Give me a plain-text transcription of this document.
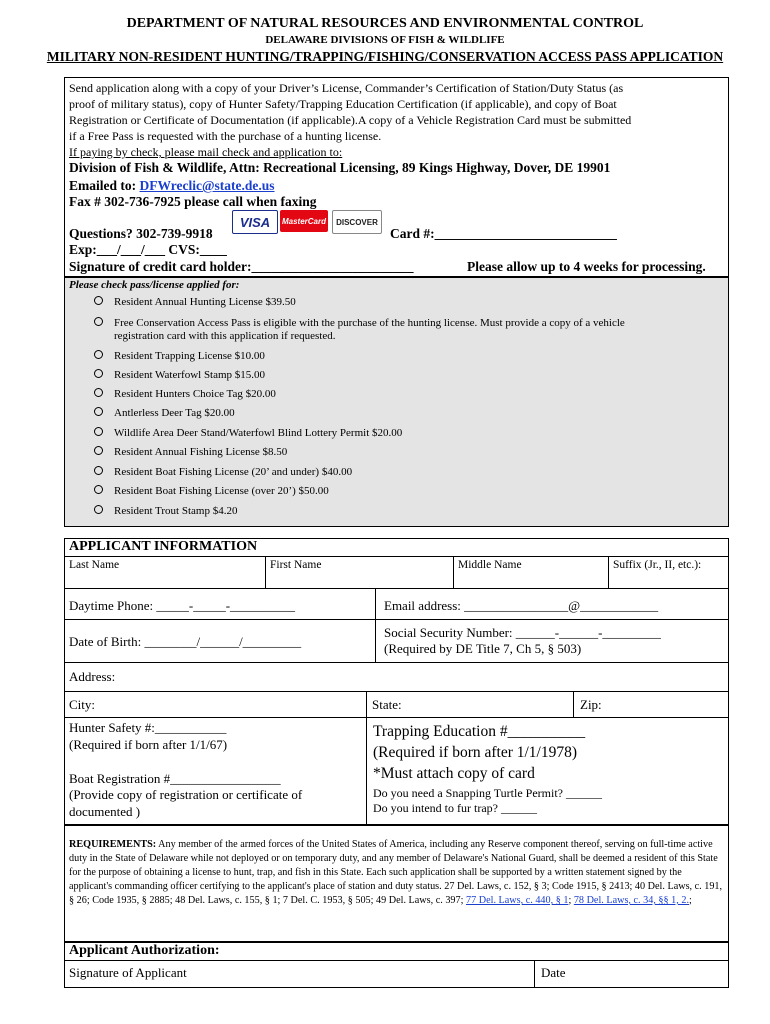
DEPARTMENT OF NATURAL RESOURCES AND ENVIRONMENTAL CONTROL
DELAWARE DIVISIONS OF FISH & WILDLIFE
MILITARY NON-RESIDENT HUNTING/TRAPPING/FISHING/CONSERVATION ACCESS PASS APPLICATION
Send application along with a copy of your Driver’s License, Commander’s Certification of Station/Duty Status (as
proof of military status), copy of Hunter Safety/Trapping Education Certification (if applicable), and copy of Boat
Registration or Certificate of Documentation (if applicable).A copy of a Vehicle Registration Card must be submitted
if a Free Pass is requested with the purchase of a hunting license.
If paying by check, please mail check and application to:
Division of Fish & Wildlife, Attn: Recreational Licensing, 89 Kings Highway, Dover, DE 19901
Emailed to: DFWreclic@state.de.us
Fax # 302-736-7925 please call when faxing
VISA	MasterCard	DISCOVER
Questions? 302-739-9918	Card #:___________________________
Exp:___/___/___ CVS:____
Signature of credit card holder:________________________	Please allow up to 4 weeks for processing.
Please check pass/license applied for:
Resident Annual Hunting License $39.50
Free Conservation Access Pass is eligible with the purchase of the hunting license. Must provide a copy of a vehicle
registration card with this application if requested.
Resident Trapping License $10.00
Resident Waterfowl Stamp $15.00
Resident Hunters Choice Tag $20.00
Antlerless Deer Tag $20.00
Wildlife Area Deer Stand/Waterfowl Blind Lottery Permit $20.00
Resident Annual Fishing License $8.50
Resident Boat Fishing License (20’ and under) $40.00
Resident Boat Fishing License (over 20’) $50.00
Resident Trout Stamp $4.20
APPLICANT INFORMATION
Last Name	First Name	Middle Name	Suffix (Jr., II, etc.):
Daytime Phone: _____-_____-__________	Email address: ________________@____________
Date of Birth: ________/______/_________
Social Security Number: ______-______-_________
(Required by DE Title 7, Ch 5, § 503)
Address:
City:	State:	Zip:
Hunter Safety #:___________
(Required if born after 1/1/67)
Boat Registration #_________________
(Provide copy of registration or certificate of
documented )
Trapping Education #__________
(Required if born after 1/1/1978)
*Must attach copy of card
Do you need a Snapping Turtle Permit? ______
Do you intend to fur trap? ______
REQUIREMENTS: Any member of the armed forces of the United States of America, including any Reserve component thereof, serving on full-time active duty in the State of Delaware while not deployed or on temporary duty, and any member of Delaware's National Guard, shall be deemed a resident of this State for the purpose of obtaining a license to hunt, trap, and fish in this State. Each such application shall be supported by a written statement signed by the applicant's commanding officer certifying to the applicant's place of station and duty status. 27 Del. Laws, c. 152, § 3; Code 1915, § 2413; 40 Del. Laws, c. 191, § 26; Code 1935, § 2885; 48 Del. Laws, c. 155, § 1; 7 Del. C. 1953, § 505; 49 Del. Laws, c. 397; 77 Del. Laws, c. 440, § 1; 78 Del. Laws, c. 34, §§ 1, 2.;
Applicant Authorization:
Signature of Applicant	Date
